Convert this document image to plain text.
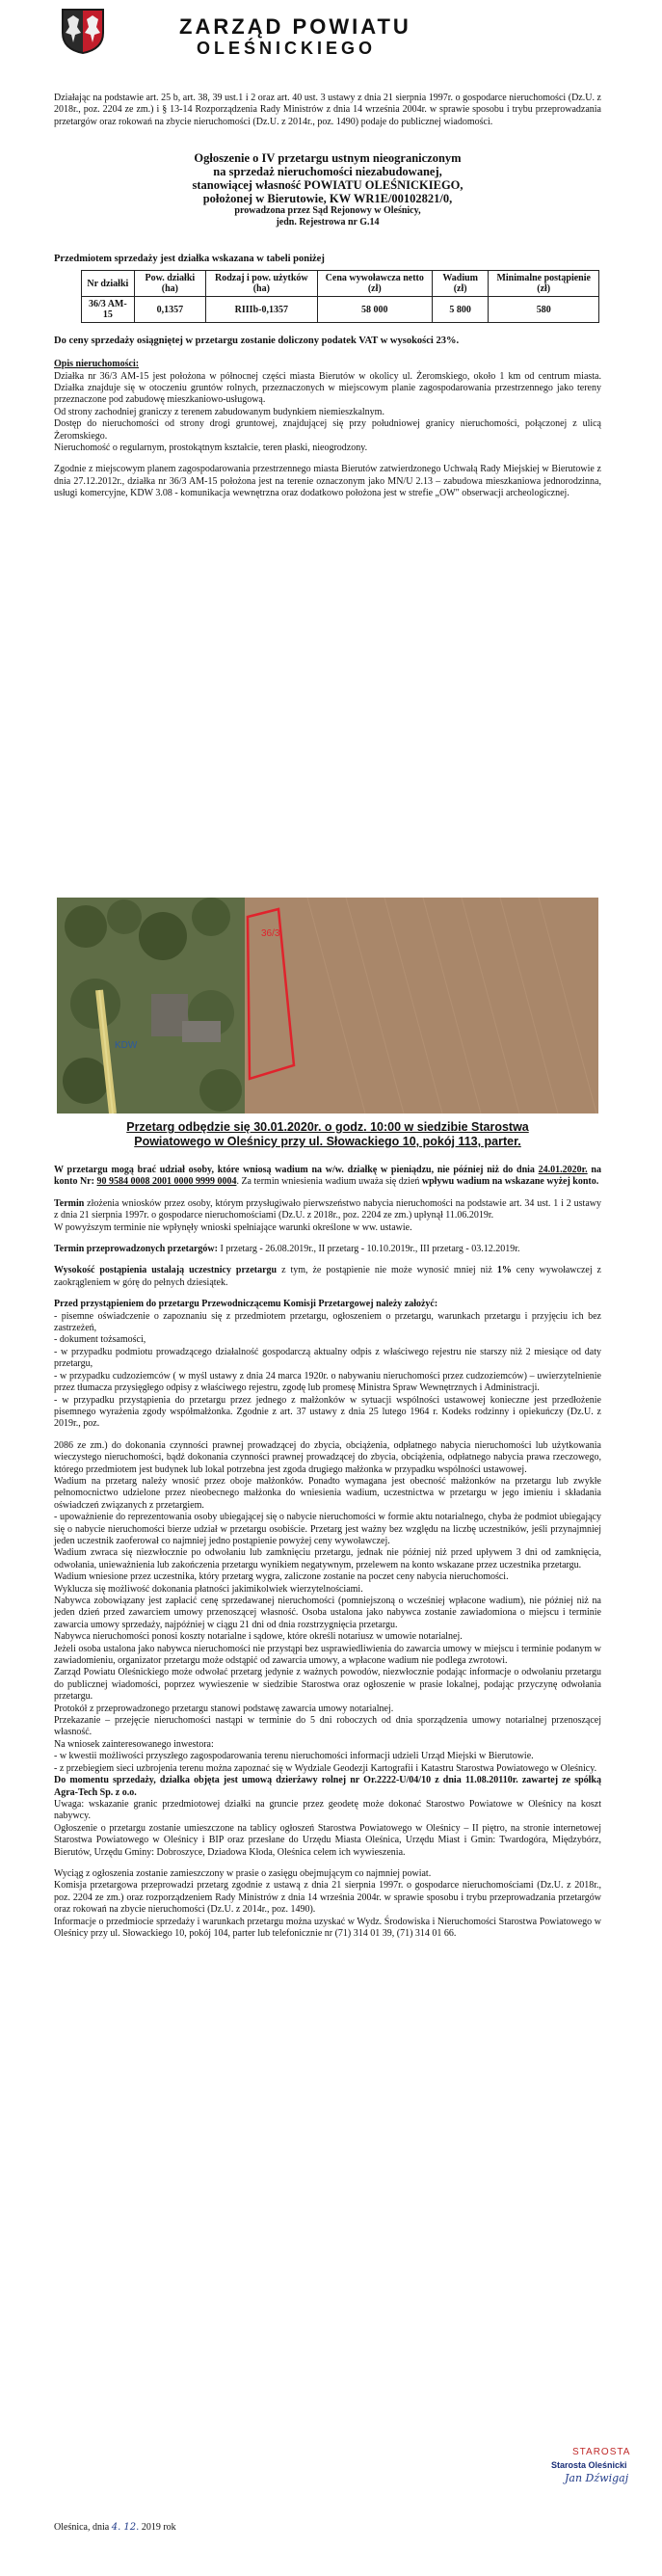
ZARZĄD POWIATU
OLEŚNICKIEGO

Działając na podstawie art. 25 b, art. 38, 39 ust.1 i 2 oraz art. 40 ust. 3 ustawy z dnia 21 sierpnia 1997r. o gospodarce nieruchomości (Dz.U. z 2018r., poz. 2204 ze zm.) i § 13-14 Rozporządzenia Rady Ministrów z dnia 14 września 2004r. w sprawie sposobu i trybu przeprowadzania przetargów oraz rokowań na zbycie nieruchomości (Dz.U. z 2014r., poz. 1490) podaje do publicznej wiadomości.

Ogłoszenie o IV przetargu ustnym nieograniczonym
na sprzedaż nieruchomości niezabudowanej,
stanowiącej własność POWIATU OLEŚNICKIEGO,
położonej w Bierutowie, KW WR1E/00102821/0,
prowadzona przez Sąd Rejonowy w Oleśnicy,
jedn. Rejestrowa nr G.14
Przedmiotem sprzedaży jest działka wskazana w tabeli poniżej
Nr działki	Pow. działki (ha)	Rodzaj i pow. użytków (ha)	Cena wywoławcza netto (zł)	Wadium (zł)	Minimalne postąpienie (zł)
36/3 AM-15	0,1357	RIIIb-0,1357	58 000	5 800	580

Do ceny sprzedaży osiągniętej w przetargu zostanie doliczony podatek VAT w wysokości 23%.

Opis nieruchomości:

Działka nr 36/3 AM-15 jest położona w północnej części miasta Bierutów w okolicy ul. Żeromskiego, około 1 km od centrum miasta. Działka znajduje się w otoczeniu gruntów rolnych, przeznaczonych w miejscowym planie zagospodarowania przestrzennego jako tereny przeznaczone pod zabudowę mieszkaniowo-usługową.

Od strony zachodniej graniczy z terenem zabudowanym budynkiem niemieszkalnym.

Dostęp do nieruchomości od strony drogi gruntowej, znajdującej się przy południowej granicy nieruchomości, połączonej z ulicą Żeromskiego.

Nieruchomość o regularnym, prostokątnym kształcie, teren płaski, nieogrodzony.

Zgodnie z miejscowym planem zagospodarowania przestrzennego miasta Bierutów zatwierdzonego Uchwałą Rady Miejskiej w Bierutowie z dnia 27.12.2012r., działka nr 36/3 AM-15 położona jest na terenie oznaczonym jako MN/U 2.13 – zabudowa mieszkaniowa jednorodzinna, usługi komercyjne, KDW 3.08 - komunikacja wewnętrzna oraz dodatkowo położona jest w strefie „OW" obserwacji archeologicznej.

KDW
36/3
Przetarg odbędzie się 30.01.2020r. o godz. 10:00 w siedzibie Starostwa
Powiatowego w Oleśnicy przy ul. Słowackiego 10, pokój 113, parter.

W przetargu mogą brać udział osoby, które wniosą wadium na w/w. działkę w pieniądzu, nie później niż do dnia 24.01.2020r. na konto Nr: 90 9584 0008 2001 0000 9999 0004. Za termin wniesienia wadium uważa się dzień wpływu wadium na wskazane wyżej konto.

Termin złożenia wniosków przez osoby, którym przysługiwało pierwszeństwo nabycia nieruchomości na podstawie art. 34 ust. 1 i 2 ustawy z dnia 21 sierpnia 1997r. o gospodarce nieruchomościami (Dz.U. z 2018r., poz. 2204 ze zm.) upłynął 11.06.2019r.

W powyższym terminie nie wpłynęły wnioski spełniające warunki określone w ww. ustawie.

Termin przeprowadzonych przetargów: I przetarg - 26.08.2019r., II przetarg - 10.10.2019r., III przetarg - 03.12.2019r.

Wysokość postąpienia ustalają uczestnicy przetargu z tym, że postąpienie nie może wynosić mniej niż 1% ceny wywoławczej z zaokrągleniem w górę do pełnych dziesiątek.

Przed przystąpieniem do przetargu Przewodniczącemu Komisji Przetargowej należy założyć:

- pisemne oświadczenie o zapoznaniu się z przedmiotem przetargu, ogłoszeniem o przetargu, warunkach przetargu i przyjęciu ich bez zastrzeżeń,

- dokument tożsamości,

- w przypadku podmiotu prowadzącego działalność gospodarczą aktualny odpis z właściwego rejestru nie starszy niż 2 miesiące od daty przetargu,

- w przypadku cudzoziemców ( w myśl ustawy z dnia 24 marca 1920r. o nabywaniu nieruchomości przez cudzoziemców) – uwierzytelnienie przez tłumacza przysięgłego odpisy z właściwego rejestru, zgodę lub promesę Ministra Spraw Wewnętrznych i Administracji.

- w przypadku przystąpienia do przetargu przez jednego z małżonków w sytuacji wspólności ustawowej konieczne jest przedłożenie pisemnego wyrażenia zgody współmałżonka. Zgodnie z art. 37 ustawy z dnia 25 lutego 1964 r. Kodeks rodzinny i opiekuńczy (Dz.U. z 2019r., poz.

2086 ze zm.) do dokonania czynności prawnej prowadzącej do zbycia, obciążenia, odpłatnego nabycia nieruchomości lub użytkowania wieczystego nieruchomości, bądź dokonania czynności prawnej prowadzącej do zbycia, obciążenia, odpłatnego nabycia prawa rzeczowego, którego przedmiotem jest budynek lub lokal potrzebna jest zgoda drugiego małżonka w przypadku wspólności ustawowej.

Wadium na przetarg należy wnosić przez obojе małżonków. Ponadto wymagana jest obecność małżonków na przetargu lub zwykłe pełnomocnictwo udzielone przez nieobecnego małżonka do wniesienia wadium, uczestnictwa w przetargu w jego imieniu i składania oświadczeń związanych z przetargiem.

- upoważnienie do reprezentowania osoby ubiegającej się o nabycie nieruchomości w formie aktu notarialnego, chyba że podmiot ubiegający się o nabycie nieruchomości bierze udział w przetargu osobiście. Przetarg jest ważny bez względu na liczbę uczestników, jeśli przynajmniej jeden uczestnik zaoferował co najmniej jedno postąpienie powyżej ceny wywoławczej.

Wadium zwraca się niezwłocznie po odwołaniu lub zamknięciu przetargu, jednak nie później niż przed upływem 3 dni od zamknięcia, odwołania, unieważnienia lub zakończenia przetargu wynikiem negatywnym, przelewem na konto wskazane przez uczestnika przetargu.

Wadium wniesione przez uczestnika, który przetarg wygra, zaliczone zostanie na poczet ceny nabycia nieruchomości.

Wyklucza się możliwość dokonania płatności jakimikolwiek wierzytelnościami.

Nabywca zobowiązany jest zapłacić cenę sprzedawanej nieruchomości (pomniejszoną o wcześniej wpłacone wadium), nie później niż na jeden dzień przed zawarciem umowy przenoszącej własność. Osoba ustalona jako nabywca zostanie zawiadomiona o miejscu i terminie zawarcia umowy sprzedaży, najpóźniej w ciągu 21 dni od dnia rozstrzygnięcia przetargu.

Nabywca nieruchomości ponosi koszty notarialne i sądowe, które określi notariusz w umowie notarialnej.

Jeżeli osoba ustalona jako nabywca nieruchomości nie przystąpi bez usprawiedliwienia do zawarcia umowy w miejscu i terminie podanym w zawiadomieniu, organizator przetargu może odstąpić od zawarcia umowy, a wpłacone wadium nie podlega zwrotowi.

Zarząd Powiatu Oleśnickiego może odwołać przetarg jedynie z ważnych powodów, niezwłocznie podając informacje o odwołaniu przetargu do publicznej wiadomości, poprzez wywieszenie w siedzibie Starostwa oraz ogłoszenie w prasie lokalnej, podając przyczynę odwołania przetargu.

Protokół z przeprowadzonego przetargu stanowi podstawę zawarcia umowy notarialnej.

Przekazanie – przejęcie nieruchomości nastąpi w terminie do 5 dni roboczych od dnia sporządzenia umowy notarialnej przenoszącej własność.

Na wniosek zainteresowanego inwestora:

- w kwestii możliwości przyszłego zagospodarowania terenu nieruchomości informacji udzieli Urząd Miejski w Bierutowie.

- z przebiegiem sieci uzbrojenia terenu można zapoznać się w Wydziale Geodezji Kartografii i Katastru Starostwa Powiatowego w Oleśnicy.

Do momentu sprzedaży, działka objęta jest umową dzierżawy rolnej nr Or.2222-U/04/10 z dnia 11.08.20110r. zawartej ze spółką Agra-Tech Sp. z o.o.

Uwaga: wskazanie granic przedmiotowej działki na gruncie przez geodetę może dokonać Starostwo Powiatowe w Oleśnicy na koszt nabywcy.

Ogłoszenie o przetargu zostanie umieszczone na tablicy ogłoszeń Starostwa Powiatowego w Oleśnicy – II piętro, na stronie internetowej Starostwa Powiatowego w Oleśnicy i BIP oraz przesłane do Urzędu Miasta Oleśnica, Urzędu Miast i Gmin: Twardogóra, Międzybórz, Bierutów, Urzędu Gminy: Dobroszyce, Dziadowa Kłoda, Oleśnica celem ich wywieszenia.

Wyciąg z ogłoszenia zostanie zamieszczony w prasie o zasięgu obejmującym co najmniej powiat.

Komisja przetargowa przeprowadzi przetarg zgodnie z ustawą z dnia 21 sierpnia 1997r. o gospodarce nieruchomościami (Dz.U. z 2018r., poz. 2204 ze zm.) oraz rozporządzeniem Rady Ministrów z dnia 14 września 2004r. w sprawie sposobu i trybu przeprowadzania przetargów oraz rokowań na zbycie nieruchomości (Dz.U. z 2014r., poz. 1490).

Informacje o przedmiocie sprzedaży i warunkach przetargu można uzyskać w Wydz. Środowiska i Nieruchomości Starostwa Powiatowego w Oleśnicy przy ul. Słowackiego 10, pokój 104, parter lub telefonicznie nr (71) 314 01 39, (71) 314 01 66.

Oleśnica, dnia 4. 12. 2019 rok
STAROSTA
Starosta Oleśnicki
Jan Dźwigaj
